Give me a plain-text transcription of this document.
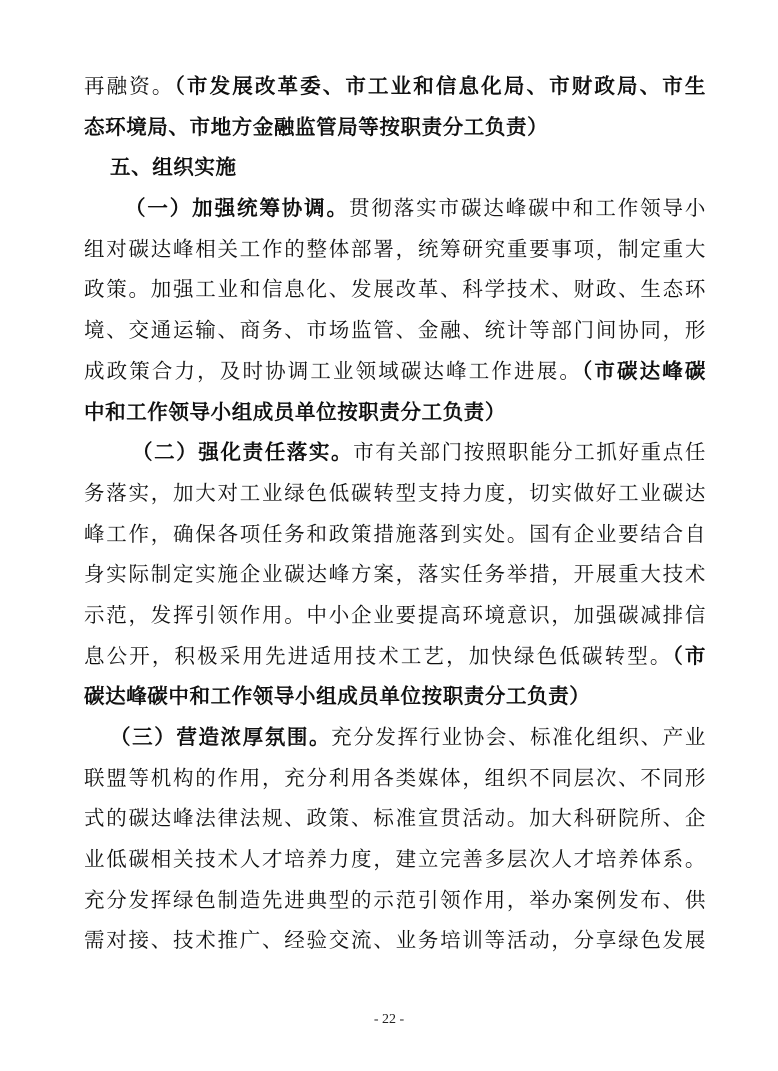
再融资。（市发展改革委、市工业和信息化局、市财政局、市生
态环境局、市地方金融监管局等按职责分工负责）
五、组织实施
（一）加强统筹协调。贯彻落实市碳达峰碳中和工作领导小
组对碳达峰相关工作的整体部署，统筹研究重要事项，制定重大
政策。加强工业和信息化、发展改革、科学技术、财政、生态环
境、交通运输、商务、市场监管、金融、统计等部门间协同，形
成政策合力，及时协调工业领域碳达峰工作进展。（市碳达峰碳
中和工作领导小组成员单位按职责分工负责）
（二）强化责任落实。市有关部门按照职能分工抓好重点任
务落实，加大对工业绿色低碳转型支持力度，切实做好工业碳达
峰工作，确保各项任务和政策措施落到实处。国有企业要结合自
身实际制定实施企业碳达峰方案，落实任务举措，开展重大技术
示范，发挥引领作用。中小企业要提高环境意识，加强碳减排信
息公开，积极采用先进适用技术工艺，加快绿色低碳转型。（市
碳达峰碳中和工作领导小组成员单位按职责分工负责）
（三）营造浓厚氛围。充分发挥行业协会、标准化组织、产业
联盟等机构的作用，充分利用各类媒体，组织不同层次、不同形
式的碳达峰法律法规、政策、标准宣贯活动。加大科研院所、企
业低碳相关技术人才培养力度，建立完善多层次人才培养体系。
充分发挥绿色制造先进典型的示范引领作用，举办案例发布、供
需对接、技术推广、经验交流、业务培训等活动，分享绿色发展
- 22 -
